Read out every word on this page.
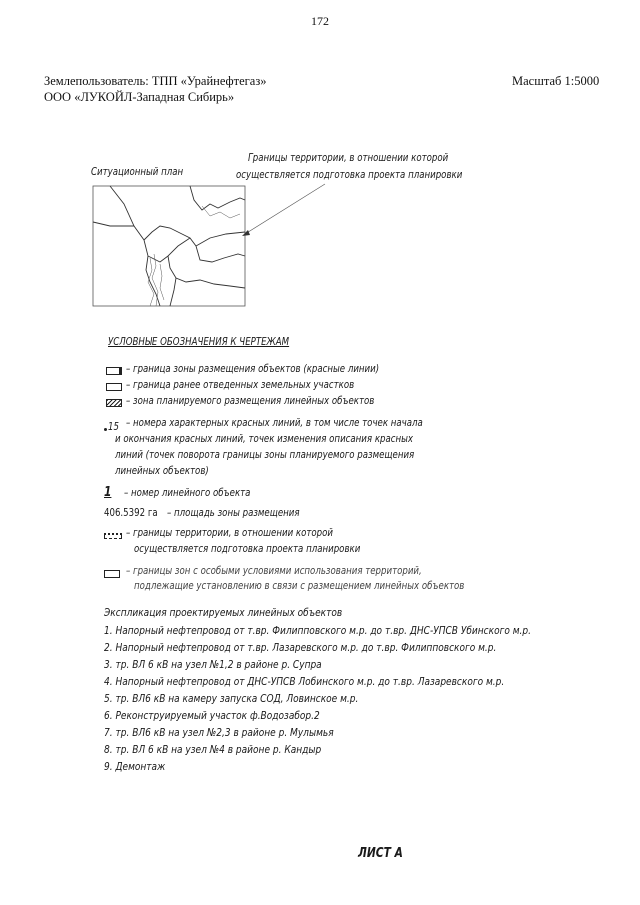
172
Землепользователь: ТПП «Урайнефтегаз»
ООО «ЛУКОЙЛ-Западная Сибирь»
Масштаб 1:5000
Ситуационный план
Границы территории, в отношении которой
осуществляется подготовка проекта планировки
УСЛОВНЫЕ ОБОЗНАЧЕНИЯ К ЧЕРТЕЖАМ
– граница зоны размещения объектов (красные линии)
– граница ранее отведенных земельных участков
– зона планируемого размещения линейных объектов
15 – номера характерных красных линий, в том числе точек начала
и окончания красных линий, точек изменения описания красных
линий (точек поворота границы зоны планируемого размещения
линейных объектов)
1 – номер линейного объекта
406.5392 га – площадь зоны размещения
– границы территории, в отношении которой
осуществляется подготовка проекта планировки
– границы зон с особыми условиями использования территорий,
подлежащие установлению в связи с размещением линейных объектов
Экспликация проектируемых линейных объектов
1. Напорный нефтепровод от т.вр. Филипповского м.р. до т.вр. ДНС-УПСВ Убинского м.р.
2. Напорный нефтепровод от т.вр. Лазаревского м.р. до т.вр. Филипповского м.р.
3. тр. ВЛ 6 кВ на узел №1,2 в районе р. Супра
4. Напорный нефтепровод от ДНС-УПСВ Лобинского м.р. до т.вр. Лазаревского м.р.
5. тр. ВЛ6 кВ на камеру запуска СОД, Ловинское м.р.
6. Реконструируемый участок ф.Водозабор.2
7. тр. ВЛ6 кВ на узел №2,3 в районе р. Мулымья
8. тр. ВЛ 6 кВ на узел №4 в районе р. Кандыр
9. Демонтаж
ЛИСТ А
